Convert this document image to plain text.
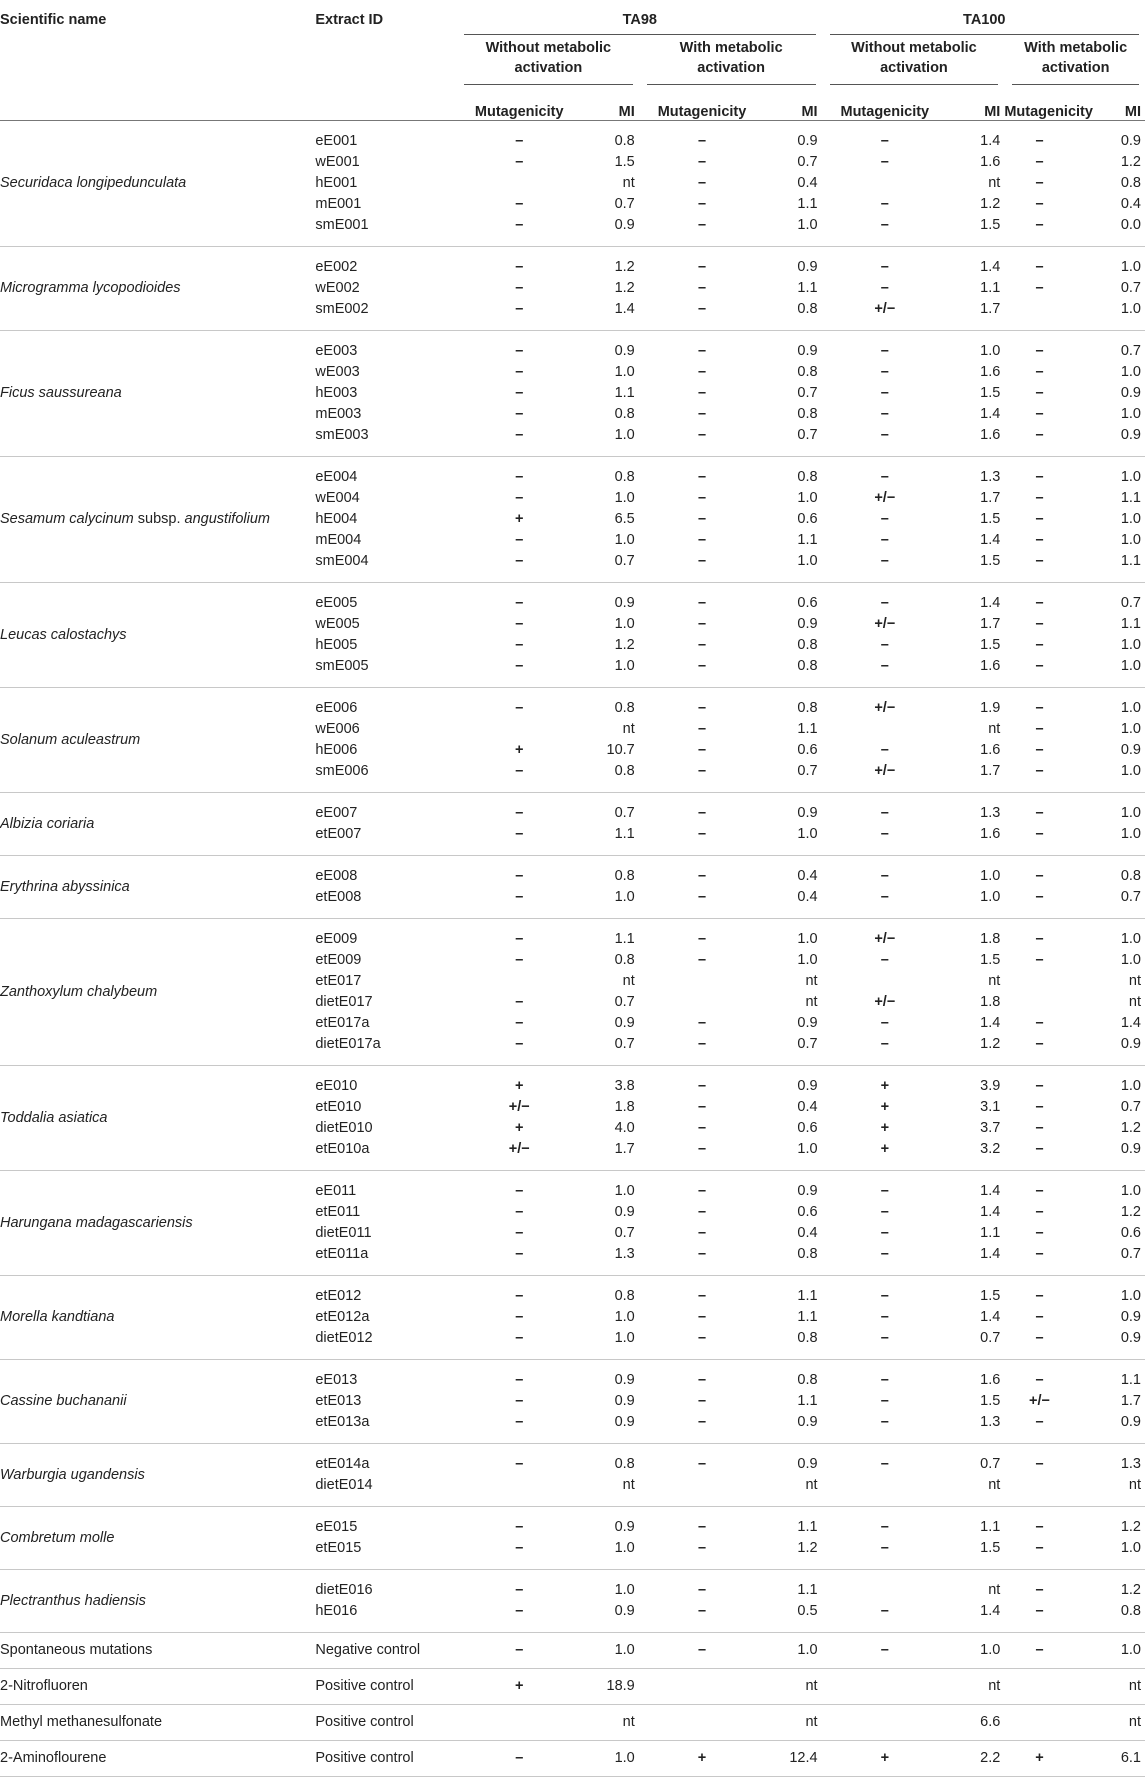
Scientific name	Extract ID	TA98				TA100			

		Without metabolic activation		With metabolic activation		Without metabolic activation		With metabolic activation	

		Mutagenicity	MI	Mutagenicity	MI	Mutagenicity	MI	Mutagenicity	MI
Securidaca longipedunculata	eE001	–	0.8	–	0.9	–	1.4	–	0.9
	wE001	–	1.5	–	0.7	–	1.6	–	1.2
	hE001		nt	–	0.4		nt	–	0.8
	mE001	–	0.7	–	1.1	–	1.2	–	0.4
	smE001	–	0.9	–	1.0	–	1.5	–	0.0
Microgramma lycopodioides	eE002	–	1.2	–	0.9	–	1.4	–	1.0
	wE002	–	1.2	–	1.1	–	1.1	–	0.7
	smE002	–	1.4	–	0.8	+/−	1.7		1.0
Ficus saussureana	eE003	–	0.9	–	0.9	–	1.0	–	0.7
	wE003	–	1.0	–	0.8	–	1.6	–	1.0
	hE003	–	1.1	–	0.7	–	1.5	–	0.9
	mE003	–	0.8	–	0.8	–	1.4	–	1.0
	smE003	–	1.0	–	0.7	–	1.6	–	0.9
Sesamum calycinum subsp. angustifolium	eE004	–	0.8	–	0.8	–	1.3	–	1.0
	wE004	–	1.0	–	1.0	+/−	1.7	–	1.1
	hE004	+	6.5	–	0.6	–	1.5	–	1.0
	mE004	–	1.0	–	1.1	–	1.4	–	1.0
	smE004	–	0.7	–	1.0	–	1.5	–	1.1
Leucas calostachys	eE005	–	0.9	–	0.6	–	1.4	–	0.7
	wE005	–	1.0	–	0.9	+/−	1.7	–	1.1
	hE005	–	1.2	–	0.8	–	1.5	–	1.0
	smE005	–	1.0	–	0.8	–	1.6	–	1.0
Solanum aculeastrum	eE006	–	0.8	–	0.8	+/−	1.9	–	1.0
	wE006		nt	–	1.1		nt	–	1.0
	hE006	+	10.7	–	0.6	–	1.6	–	0.9
	smE006	–	0.8	–	0.7	+/−	1.7	–	1.0
Albizia coriaria	eE007	–	0.7	–	0.9	–	1.3	–	1.0
	etE007	–	1.1	–	1.0	–	1.6	–	1.0
Erythrina abyssinica	eE008	–	0.8	–	0.4	–	1.0	–	0.8
	etE008	–	1.0	–	0.4	–	1.0	–	0.7
Zanthoxylum chalybeum	eE009	–	1.1	–	1.0	+/−	1.8	–	1.0
	etE009	–	0.8	–	1.0	–	1.5	–	1.0
	etE017		nt		nt		nt		nt
	dietE017	–	0.7		nt	+/−	1.8		nt
	etE017a	–	0.9	–	0.9	–	1.4	–	1.4
	dietE017a	–	0.7	–	0.7	–	1.2	–	0.9
Toddalia asiatica	eE010	+	3.8	–	0.9	+	3.9	–	1.0
	etE010	+/−	1.8	–	0.4	+	3.1	–	0.7
	dietE010	+	4.0	–	0.6	+	3.7	–	1.2
	etE010a	+/−	1.7	–	1.0	+	3.2	–	0.9
Harungana madagascariensis	eE011	–	1.0	–	0.9	–	1.4	–	1.0
	etE011	–	0.9	–	0.6	–	1.4	–	1.2
	dietE011	–	0.7	–	0.4	–	1.1	–	0.6
	etE011a	–	1.3	–	0.8	–	1.4	–	0.7
Morella kandtiana	etE012	–	0.8	–	1.1	–	1.5	–	1.0
	etE012a	–	1.0	–	1.1	–	1.4	–	0.9
	dietE012	–	1.0	–	0.8	–	0.7	–	0.9
Cassine buchananii	eE013	–	0.9	–	0.8	–	1.6	–	1.1
	etE013	–	0.9	–	1.1	–	1.5	+/−	1.7
	etE013a	–	0.9	–	0.9	–	1.3	–	0.9
Warburgia ugandensis	etE014a	–	0.8	–	0.9	–	0.7	–	1.3
	dietE014		nt		nt		nt		nt
Combretum molle	eE015	–	0.9	–	1.1	–	1.1	–	1.2
	etE015	–	1.0	–	1.2	–	1.5	–	1.0
Plectranthus hadiensis	dietE016	–	1.0	–	1.1		nt	–	1.2
	hE016	–	0.9	–	0.5	–	1.4	–	0.8
Spontaneous mutations	Negative control	–	1.0	–	1.0	–	1.0	–	1.0
2-Nitrofluoren	Positive control	+	18.9		nt		nt		nt
Methyl methanesulfonate	Positive control		nt		nt		6.6		nt
2-Aminoflourene	Positive control	–	1.0	+	12.4	+	2.2	+	6.1
